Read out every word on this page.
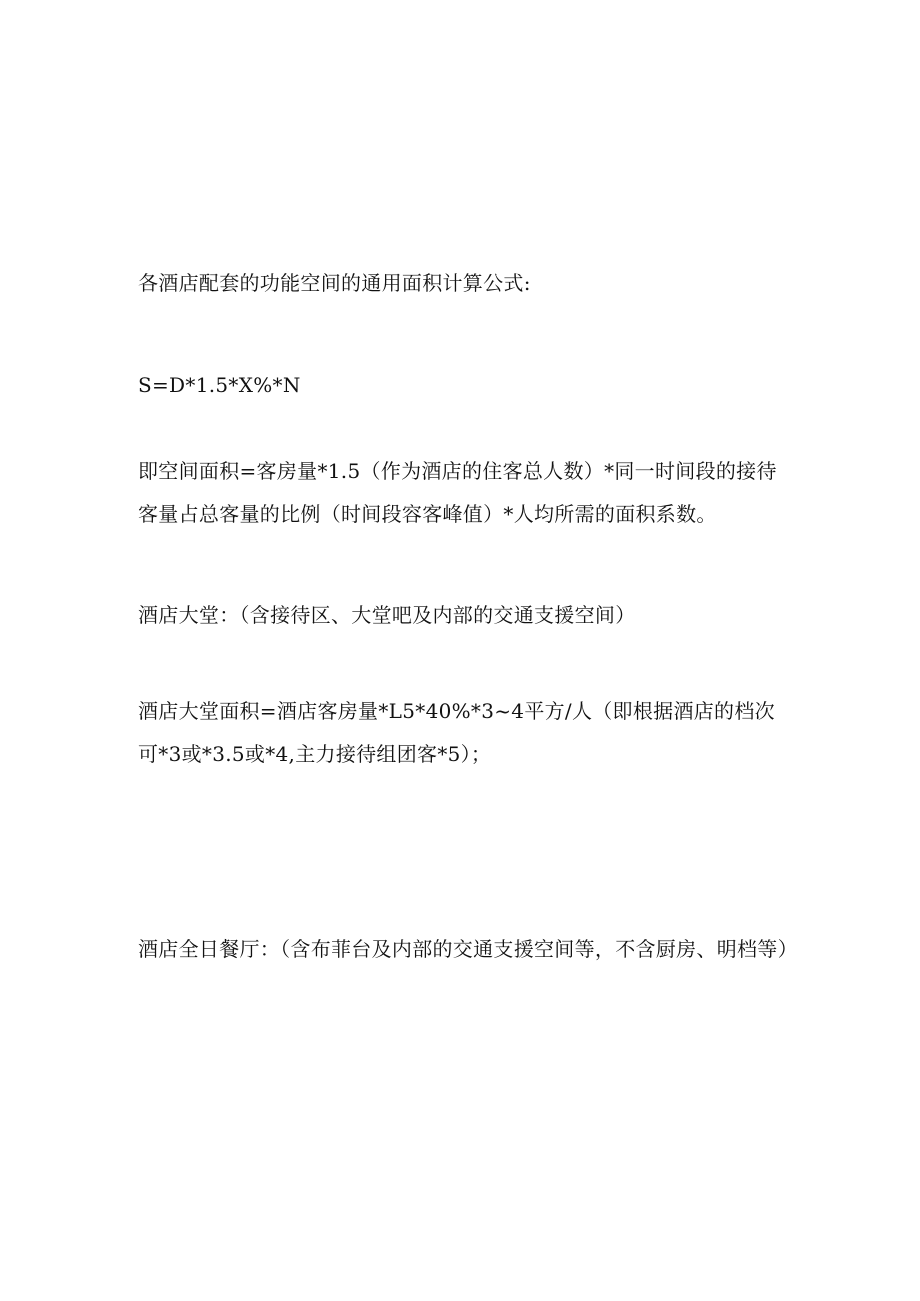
各酒店配套的功能空间的通用面积计算公式:

S=D*1.5*X%*N

即空间面积=客房量*1.5（作为酒店的住客总人数）*同一时间段的接待客量占总客量的比例（时间段容客峰值）*人均所需的面积系数。

酒店大堂：（含接待区、大堂吧及内部的交通支援空间）

酒店大堂面积=酒店客房量*L5*40%*3~4平方/人（即根据酒店的档次可*3或*3.5或*4,主力接待组团客*5）；

酒店全日餐厅：（含布菲台及内部的交通支援空间等，不含厨房、明档等）
